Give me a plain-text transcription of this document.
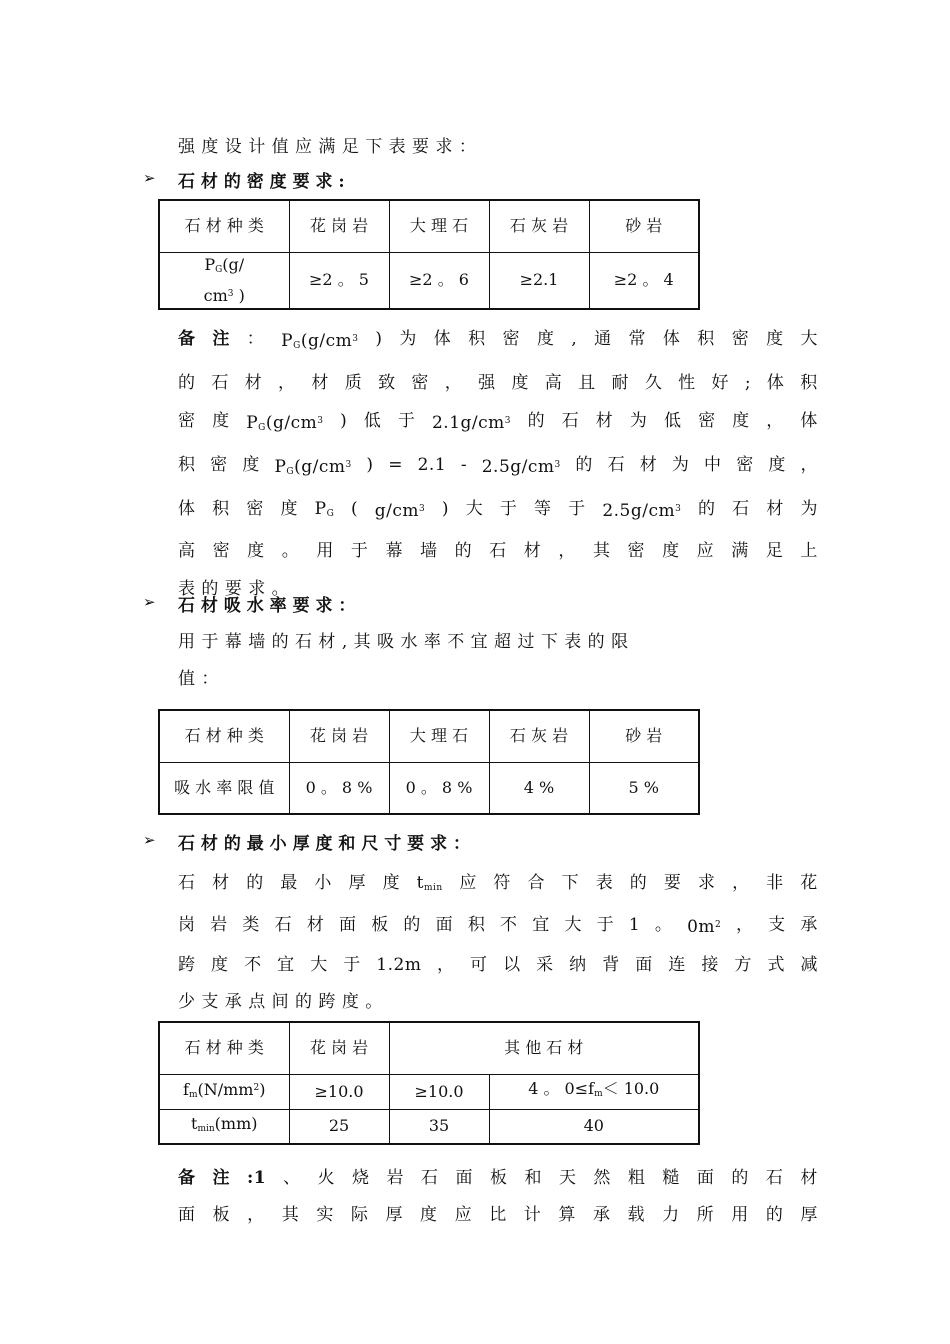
强 度 设 计 值 应 满 足 下 表 要 求 ：
➢ 石 材 的 密 度 要 求 :
石 材 种 类	花 岗 岩	大 理 石	石 灰 岩	砂 岩
$P_G(g/$
$cm^3$ )	≥2 。 5	≥2 。 6	≥2.1	≥2 。 4
备 注 ： $P_G(g/cm^3$ ) 为 体 积 密 度 , 通 常 体 积 密 度 大
的 石 材 ， 材 质 致 密 ， 强 度 高 且 耐 久 性 好 ; 体 积
密 度 $P_G(g/cm^3$ ) 低 于 $2.1g/cm^3$ 的 石 材 为 低 密 度 ， 体
积 密 度 $P_G(g/cm^3$ ) = $2.1 - 2.5g/cm^3$ 的 石 材 为 中 密 度 ，
体 积 密 度 $P_G$ ( $g/cm^3$ ) 大 于 等 于 $2.5g/cm^3$ 的 石 材 为
高 密 度 。 用 于 幕 墙 的 石 材 ， 其 密 度 应 满 足 上
表 的 要 求 。
➢ 石 材 吸 水 率 要 求 ：
用 于 幕 墙 的 石 材 , 其 吸 水 率 不 宜 超 过 下 表 的 限
值 ：
石 材 种 类	花 岗 岩	大 理 石	石 灰 岩	砂 岩
吸 水 率 限 值	0 。 8 %	0 。 8 %	4 %	5 %
➢ 石 材 的 最 小 厚 度 和 尺 寸 要 求 ：
石 材 的 最 小 厚 度 $t_{min}$ 应 符 合 下 表 的 要 求 ， 非 花
岗 岩 类 石 材 面 板 的 面 积 不 宜 大 于 1 。 $0m^2$ ， 支 承
跨 度 不 宜 大 于 1.2m ， 可 以 采 纳 背 面 连 接 方 式 减
少 支 承 点 间 的 跨 度 。
石 材 种 类	花 岗 岩	其 他 石 材	
$f_m(N/mm^2)$	≥10.0	≥10.0	4 。 $0\le f_m< 10.0$
$t_{min}(mm)$	25	35	40
备 注 :1 、 火 烧 岩 石 面 板 和 天 然 粗 糙 面 的 石 材
面 板 ， 其 实 际 厚 度 应 比 计 算 承 载 力 所 用 的 厚
